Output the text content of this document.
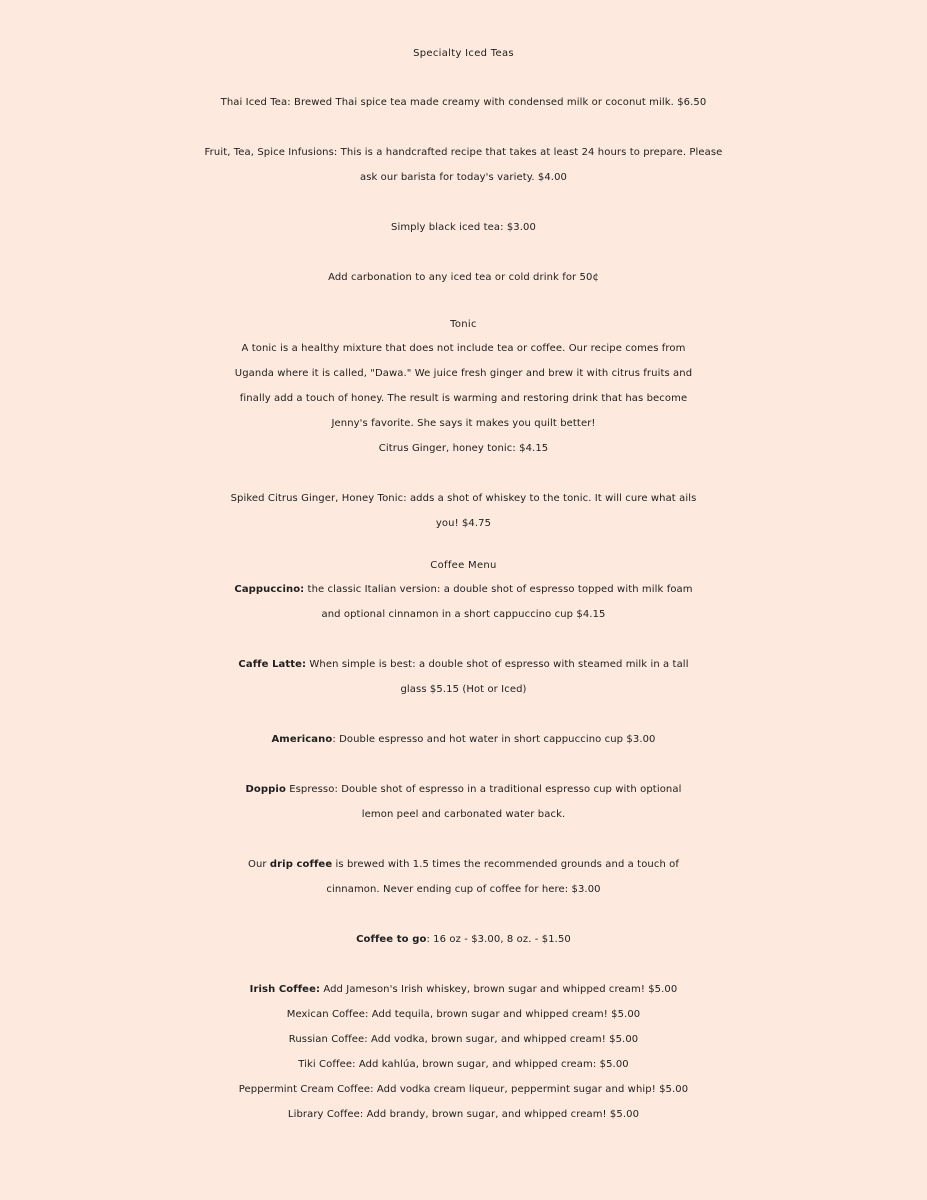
Specialty Iced Teas
Thai Iced Tea: Brewed Thai spice tea made creamy with condensed milk or coconut milk. $6.50
Fruit, Tea, Spice Infusions: This is a handcrafted recipe that takes at least 24 hours to prepare. Please
ask our barista for today's variety. $4.00
Simply black iced tea: $3.00
Add carbonation to any iced tea or cold drink for 50¢
Tonic
A tonic is a healthy mixture that does not include tea or coffee. Our recipe comes from
Uganda where it is called, "Dawa." We juice fresh ginger and brew it with citrus fruits and
finally add a touch of honey. The result is warming and restoring drink that has become
Jenny's favorite. She says it makes you quilt better!
Citrus Ginger, honey tonic: $4.15
Spiked Citrus Ginger, Honey Tonic: adds a shot of whiskey to the tonic. It will cure what ails
you! $4.75
Coffee Menu
Cappuccino: the classic Italian version: a double shot of espresso topped with milk foam
and optional cinnamon in a short cappuccino cup $4.15
Caffe Latte: When simple is best: a double shot of espresso with steamed milk in a tall
glass $5.15 (Hot or Iced)
Americano: Double espresso and hot water in short cappuccino cup $3.00
Doppio Espresso: Double shot of espresso in a traditional espresso cup with optional
lemon peel and carbonated water back.
Our drip coffee is brewed with 1.5 times the recommended grounds and a touch of
cinnamon. Never ending cup of coffee for here: $3.00
Coffee to go: 16 oz - $3.00, 8 oz. - $1.50
Irish Coffee: Add Jameson's Irish whiskey, brown sugar and whipped cream! $5.00
Mexican Coffee: Add tequila, brown sugar and whipped cream! $5.00
Russian Coffee: Add vodka, brown sugar, and whipped cream! $5.00
Tiki Coffee: Add kahlúa, brown sugar, and whipped cream: $5.00
Peppermint Cream Coffee: Add vodka cream liqueur, peppermint sugar and whip! $5.00
Library Coffee: Add brandy, brown sugar, and whipped cream! $5.00
